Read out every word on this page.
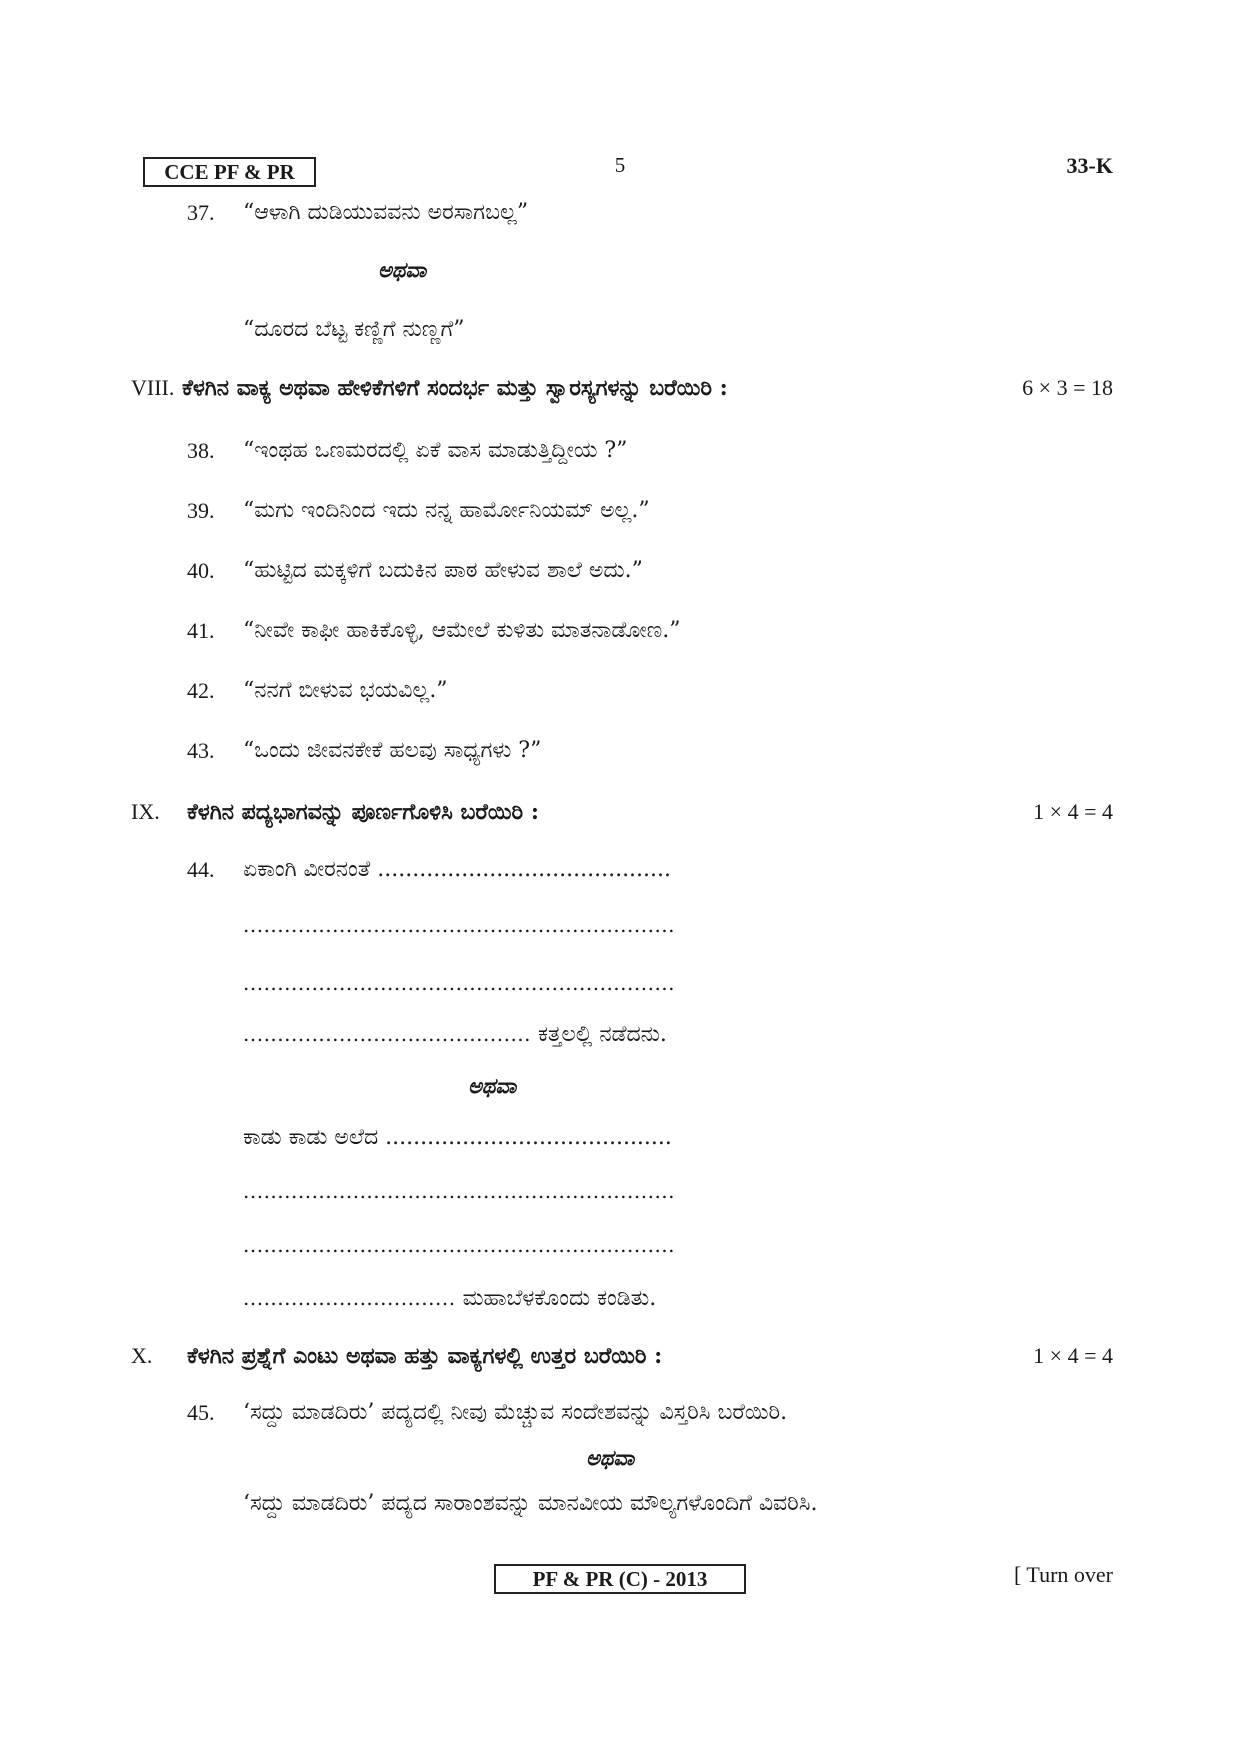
CCE PF & PR	5	33-K
37. “ಆಳಾಗಿ ದುಡಿಯುವವನು ಅರಸಾಗಬಲ್ಲ”
ಅಥವಾ
“ದೂರದ ಬೆಟ್ಟ ಕಣ್ಣಿಗೆ ನುಣ್ಣಗೆ”
VIII. ಕೆಳಗಿನ ವಾಕ್ಯ ಅಥವಾ ಹೇಳಿಕೆಗಳಿಗೆ ಸಂದರ್ಭ ಮತ್ತು ಸ್ವಾರಸ್ಯಗಳನ್ನು ಬರೆಯಿರಿ :	6 × 3 = 18
38. “ಇಂಥಹ ಒಣಮರದಲ್ಲಿ ಏಕೆ ವಾಸ ಮಾಡುತ್ತಿದ್ದೀಯ ?”
39. “ಮಗು ಇಂದಿನಿಂದ ಇದು ನನ್ನ ಹಾರ್ಮೋನಿಯಮ್ ಅಲ್ಲ.”
40. “ಹುಟ್ಟಿದ ಮಕ್ಕಳಿಗೆ ಬದುಕಿನ ಪಾಠ ಹೇಳುವ ಶಾಲೆ ಅದು.”
41. “ನೀವೇ ಕಾಫೀ ಹಾಕಿಕೊಳ್ಳಿ, ಆಮೇಲೆ ಕುಳಿತು ಮಾತನಾಡೋಣ.”
42. “ನನಗೆ ಬೀಳುವ ಭಯವಿಲ್ಲ.”
43. “ಒಂದು ಜೀವನಕೇಕೆ ಹಲವು ಸಾಧ್ಯಗಳು ?”
IX. ಕೆಳಗಿನ ಪದ್ಯಭಾಗವನ್ನು ಪೂರ್ಣಗೊಳಿಸಿ ಬರೆಯಿರಿ :	1 × 4 = 4
44. ಏಕಾಂಗಿ ವೀರನಂತೆ ..........................................
...............................................................
...............................................................
.......................................... ಕತ್ತಲಲ್ಲಿ ನಡೆದನು.
ಅಥವಾ
ಕಾಡು ಕಾಡು ಅಲೆದ .........................................
...............................................................
...............................................................
............................... ಮಹಾಬೆಳಕೊಂದು ಕಂಡಿತು.
X. ಕೆಳಗಿನ ಪ್ರಶ್ನೆಗೆ ಎಂಟು ಅಥವಾ ಹತ್ತು ವಾಕ್ಯಗಳಲ್ಲಿ ಉತ್ತರ ಬರೆಯಿರಿ :	1 × 4 = 4
45. ‘ಸದ್ದು ಮಾಡದಿರು’ ಪದ್ಯದಲ್ಲಿ ನೀವು ಮೆಚ್ಚುವ ಸಂದೇಶವನ್ನು ವಿಸ್ತರಿಸಿ ಬರೆಯಿರಿ.
ಅಥವಾ
‘ಸದ್ದು ಮಾಡದಿರು’ ಪದ್ಯದ ಸಾರಾಂಶವನ್ನು ಮಾನವೀಯ ಮೌಲ್ಯಗಳೊಂದಿಗೆ ವಿವರಿಸಿ.
PF & PR (C) - 2013	[ Turn over
